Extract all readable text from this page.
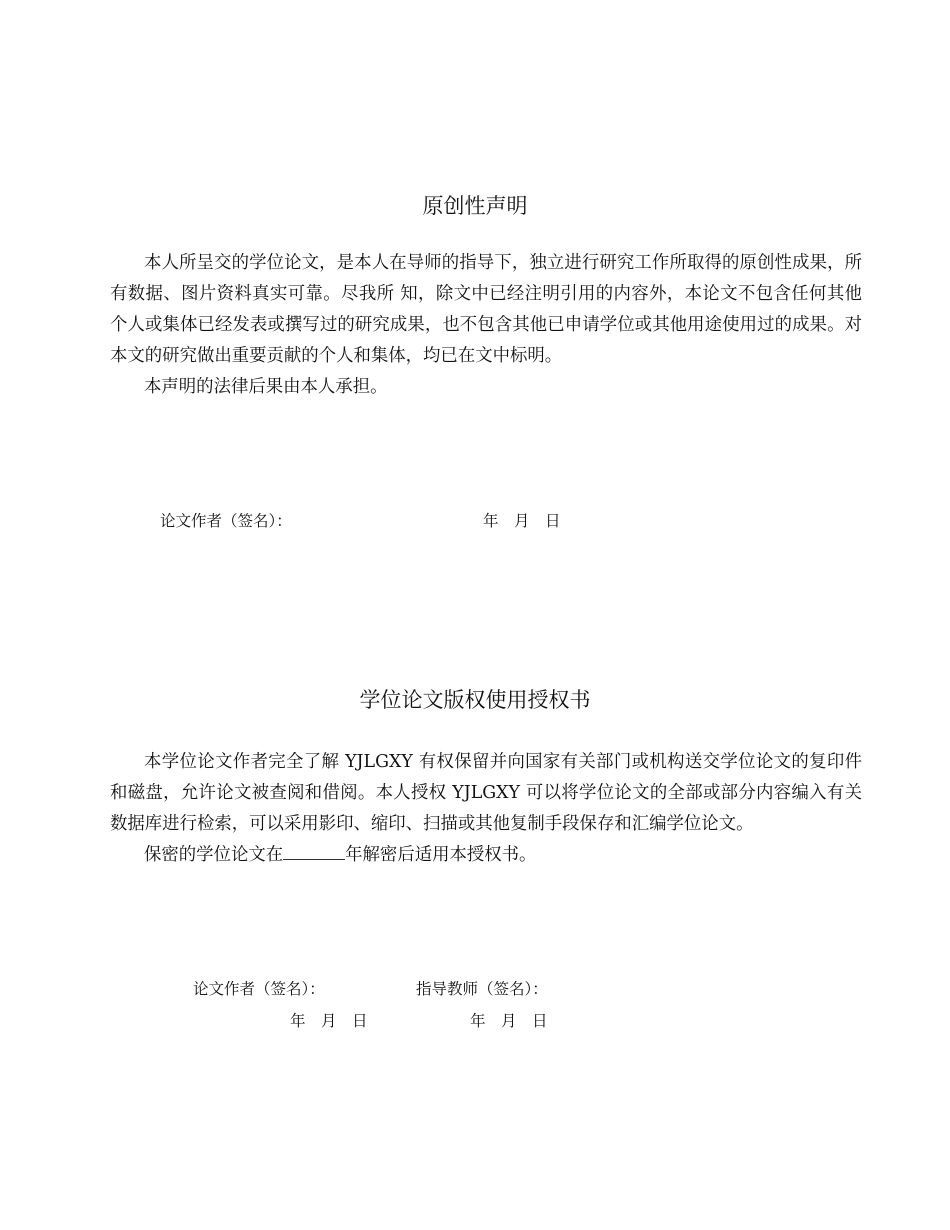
原创性声明
本人所呈交的学位论文，是本人在导师的指导下，独立进行研究工作所取得的原创性成果，所有数据、图片资料真实可靠。尽我所 知，除文中已经注明引用的内容外，本论文不包含任何其他个人或集体已经发表或撰写过的研究成果，也不包含其他已申请学位或其他用途使用过的成果。对本文的研究做出重要贡献的个人和集体，均已在文中标明。
本声明的法律后果由本人承担。
论文作者（签名）：	年　月　日
学位论文版权使用授权书
本学位论文作者完全了解 YJLGXY 有权保留并向国家有关部门或机构送交学位论文的复印件和磁盘，允许论文被查阅和借阅。本人授权 YJLGXY 可以将学位论文的全部或部分内容编入有关数据库进行检索，可以采用影印、缩印、扫描或其他复制手段保存和汇编学位论文。
保密的学位论文在	年解密后适用本授权书。
论文作者（签名）：	指导教师（签名）：
年　月　日	年　月　日
